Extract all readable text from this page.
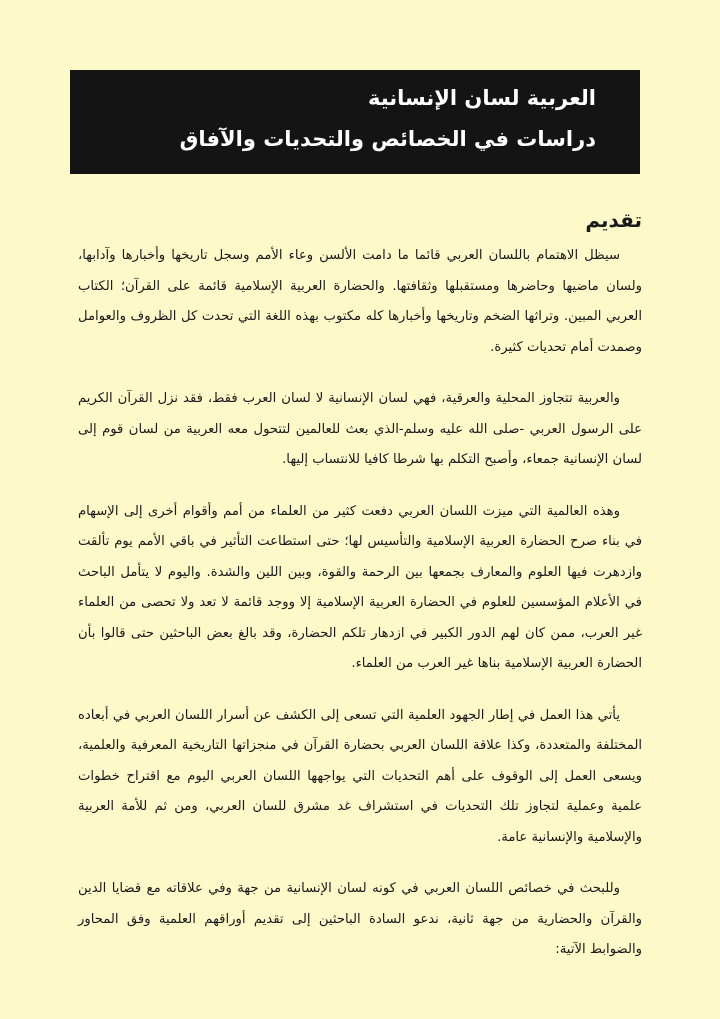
العربية لسان الإنسانية
دراسات في الخصائص والتحديات والآفاق
تقديم

سيظل الاهتمام باللسان العربي قائما ما دامت الألسن وعاء الأمم وسجل تاريخها وأخبارها وآدابها، ولسان ماضيها وحاضرها ومستقبلها وثقافتها. والحضارة العربية الإسلامية قائمة على القرآن؛ الكتاب العربي المبين. وتراثها الضخم وتاريخها وأخبارها كله مكتوب بهذه اللغة التي تحدت كل الظروف والعوامل وصمدت أمام تحديات كثيرة.

والعربية تتجاوز المحلية والعرقية، فهي لسان الإنسانية لا لسان العرب فقط، فقد نزل القرآن الكريم على الرسول العربي -صلى الله عليه وسلم-الذي بعث للعالمين لتتحول معه العربية من لسان قوم إلى لسان الإنسانية جمعاء، وأصبح التكلم بها شرطا كافيا للانتساب إليها.

وهذه العالمية التي ميزت اللسان العربي دفعت كثير من العلماء من أمم وأقوام أخرى إلى الإسهام في بناء صرح الحضارة العربية الإسلامية والتأسيس لها؛ حتى استطاعت التأثير في باقي الأمم يوم تألقت وازدهرت فيها العلوم والمعارف بجمعها بين الرحمة والقوة، وبين اللين والشدة. واليوم لا يتأمل الباحث في الأعلام المؤسسين للعلوم في الحضارة العربية الإسلامية إلا ووجد قائمة لا تعد ولا تحصى من العلماء غير العرب، ممن كان لهم الدور الكبير في ازدهار تلكم الحضارة، وقد بالغ بعض الباحثين حتى قالوا بأن الحضارة العربية الإسلامية بناها غير العرب من العلماء.

يأتي هذا العمل في إطار الجهود العلمية التي تسعى إلى الكشف عن أسرار اللسان العربي في أبعاده المختلفة والمتعددة، وكذا علاقة اللسان العربي بحضارة القرآن في منجزاتها التاريخية المعرفية والعلمية، ويسعى العمل إلى الوقوف على أهم التحديات التي يواجهها اللسان العربي اليوم مع اقتراح خطوات علمية وعملية لتجاوز تلك التحديات في استشراف غد مشرق للسان العربي، ومن ثم للأمة العربية والإسلامية والإنسانية عامة.

وللبحث في خصائص اللسان العربي في كونه لسان الإنسانية من جهة وفي علاقاته مع قضايا الدين والقرآن والحضارية من جهة ثانية، ندعو السادة الباحثين إلى تقديم أوراقهم العلمية وفق المحاور والضوابط الآتية:
